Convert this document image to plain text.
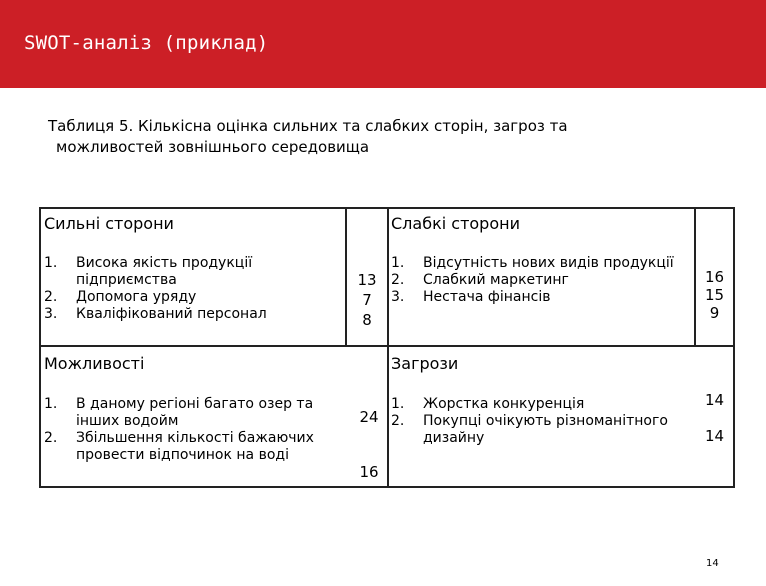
SWOT-аналіз (приклад)
Таблиця 5. Кількісна оцінка сильних та слабких сторін, загроз та
можливостей зовнішнього середовища
Сильні сторони
1. Висока якість продукції підприємства
2. Допомога уряду
3. Кваліфікований персонал
13
7
8
Слабкі сторони
1. Відсутність нових видів продукції
2. Слабкий маркетинг
3. Нестача фінансів
16
15
9
Можливості
1. В даному регіоні багато озер та інших водойм
2. Збільшення кількості бажаючих провести відпочинок на воді
24
16
Загрози
1. Жорстка конкуренція
2. Покупці очікують різноманітного дизайну
14
14
14
